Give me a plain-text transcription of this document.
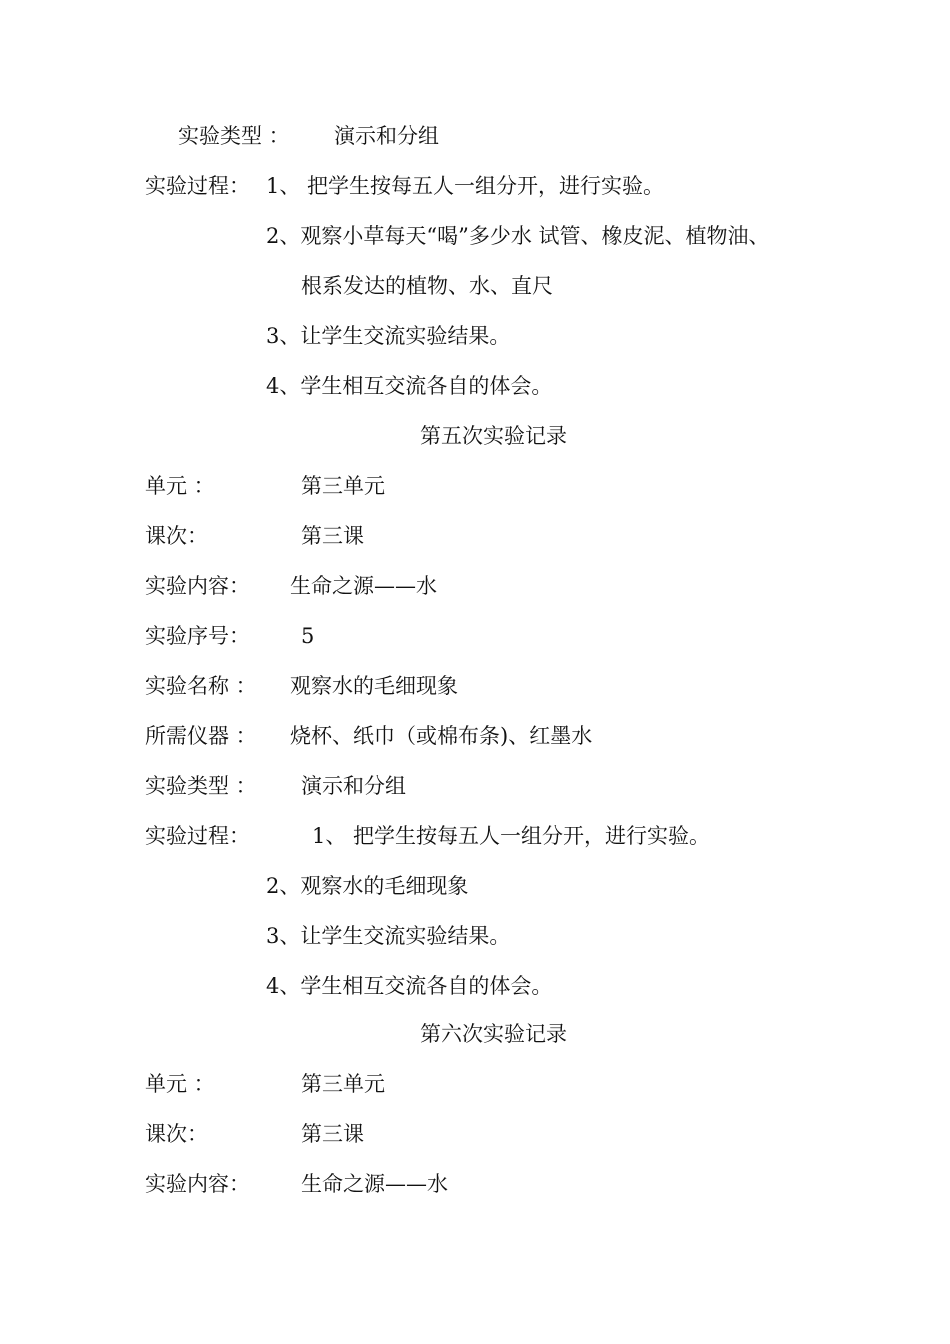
实验类型 ： 演示和分组
实验过程： 1、 把学生按每五人一组分开，进行实验。
2、观察小草每天“喝”多少水 试管、橡皮泥、植物油、
根系发达的植物、水、直尺
3、让学生交流实验结果。
4、学生相互交流各自的体会。
第五次实验记录
单元 ：	第三单元
课次：	第三课
实验内容： 生命之源——水
实验序号： 5
实验名称 ： 观察水的毛细现象
所需仪器 ： 烧杯、纸巾（或棉布条)、红墨水
实验类型 ： 演示和分组
实验过程：	1、 把学生按每五人一组分开，进行实验。
2、观察水的毛细现象
3、让学生交流实验结果。
4、学生相互交流各自的体会。
第六次实验记录
单元 ：	第三单元
课次：	第三课
实验内容： 生命之源——水
